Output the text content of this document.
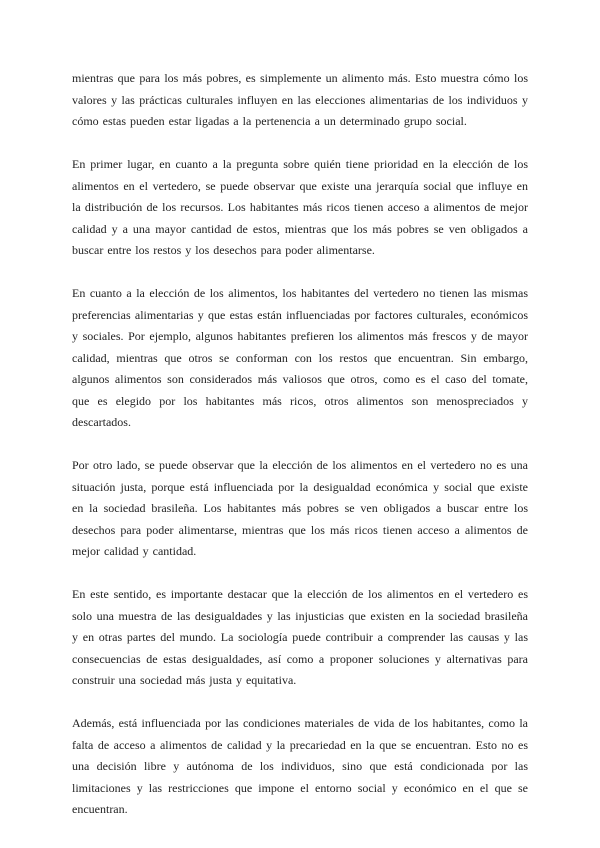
mientras que para los más pobres, es simplemente un alimento más. Esto muestra cómo los valores y las prácticas culturales influyen en las elecciones alimentarias de los individuos y cómo estas pueden estar ligadas a la pertenencia a un determinado grupo social.

En primer lugar, en cuanto a la pregunta sobre quién tiene prioridad en la elección de los alimentos en el vertedero, se puede observar que existe una jerarquía social que influye en la distribución de los recursos. Los habitantes más ricos tienen acceso a alimentos de mejor calidad y a una mayor cantidad de estos, mientras que los más pobres se ven obligados a buscar entre los restos y los desechos para poder alimentarse.

En cuanto a la elección de los alimentos, los habitantes del vertedero no tienen las mismas preferencias alimentarias y que estas están influenciadas por factores culturales, económicos y sociales. Por ejemplo, algunos habitantes prefieren los alimentos más frescos y de mayor calidad, mientras que otros se conforman con los restos que encuentran. Sin embargo, algunos alimentos son considerados más valiosos que otros, como es el caso del tomate, que es elegido por los habitantes más ricos, otros alimentos son menospreciados y descartados.

Por otro lado, se puede observar que la elección de los alimentos en el vertedero no es una situación justa, porque está influenciada por la desigualdad económica y social que existe en la sociedad brasileña. Los habitantes más pobres se ven obligados a buscar entre los desechos para poder alimentarse, mientras que los más ricos tienen acceso a alimentos de mejor calidad y cantidad.

En este sentido, es importante destacar que la elección de los alimentos en el vertedero es solo una muestra de las desigualdades y las injusticias que existen en la sociedad brasileña y en otras partes del mundo. La sociología puede contribuir a comprender las causas y las consecuencias de estas desigualdades, así como a proponer soluciones y alternativas para construir una sociedad más justa y equitativa.

Además, está influenciada por las condiciones materiales de vida de los habitantes, como la falta de acceso a alimentos de calidad y la precariedad en la que se encuentran. Esto no es una decisión libre y autónoma de los individuos, sino que está condicionada por las limitaciones y las restricciones que impone el entorno social y económico en el que se encuentran.
